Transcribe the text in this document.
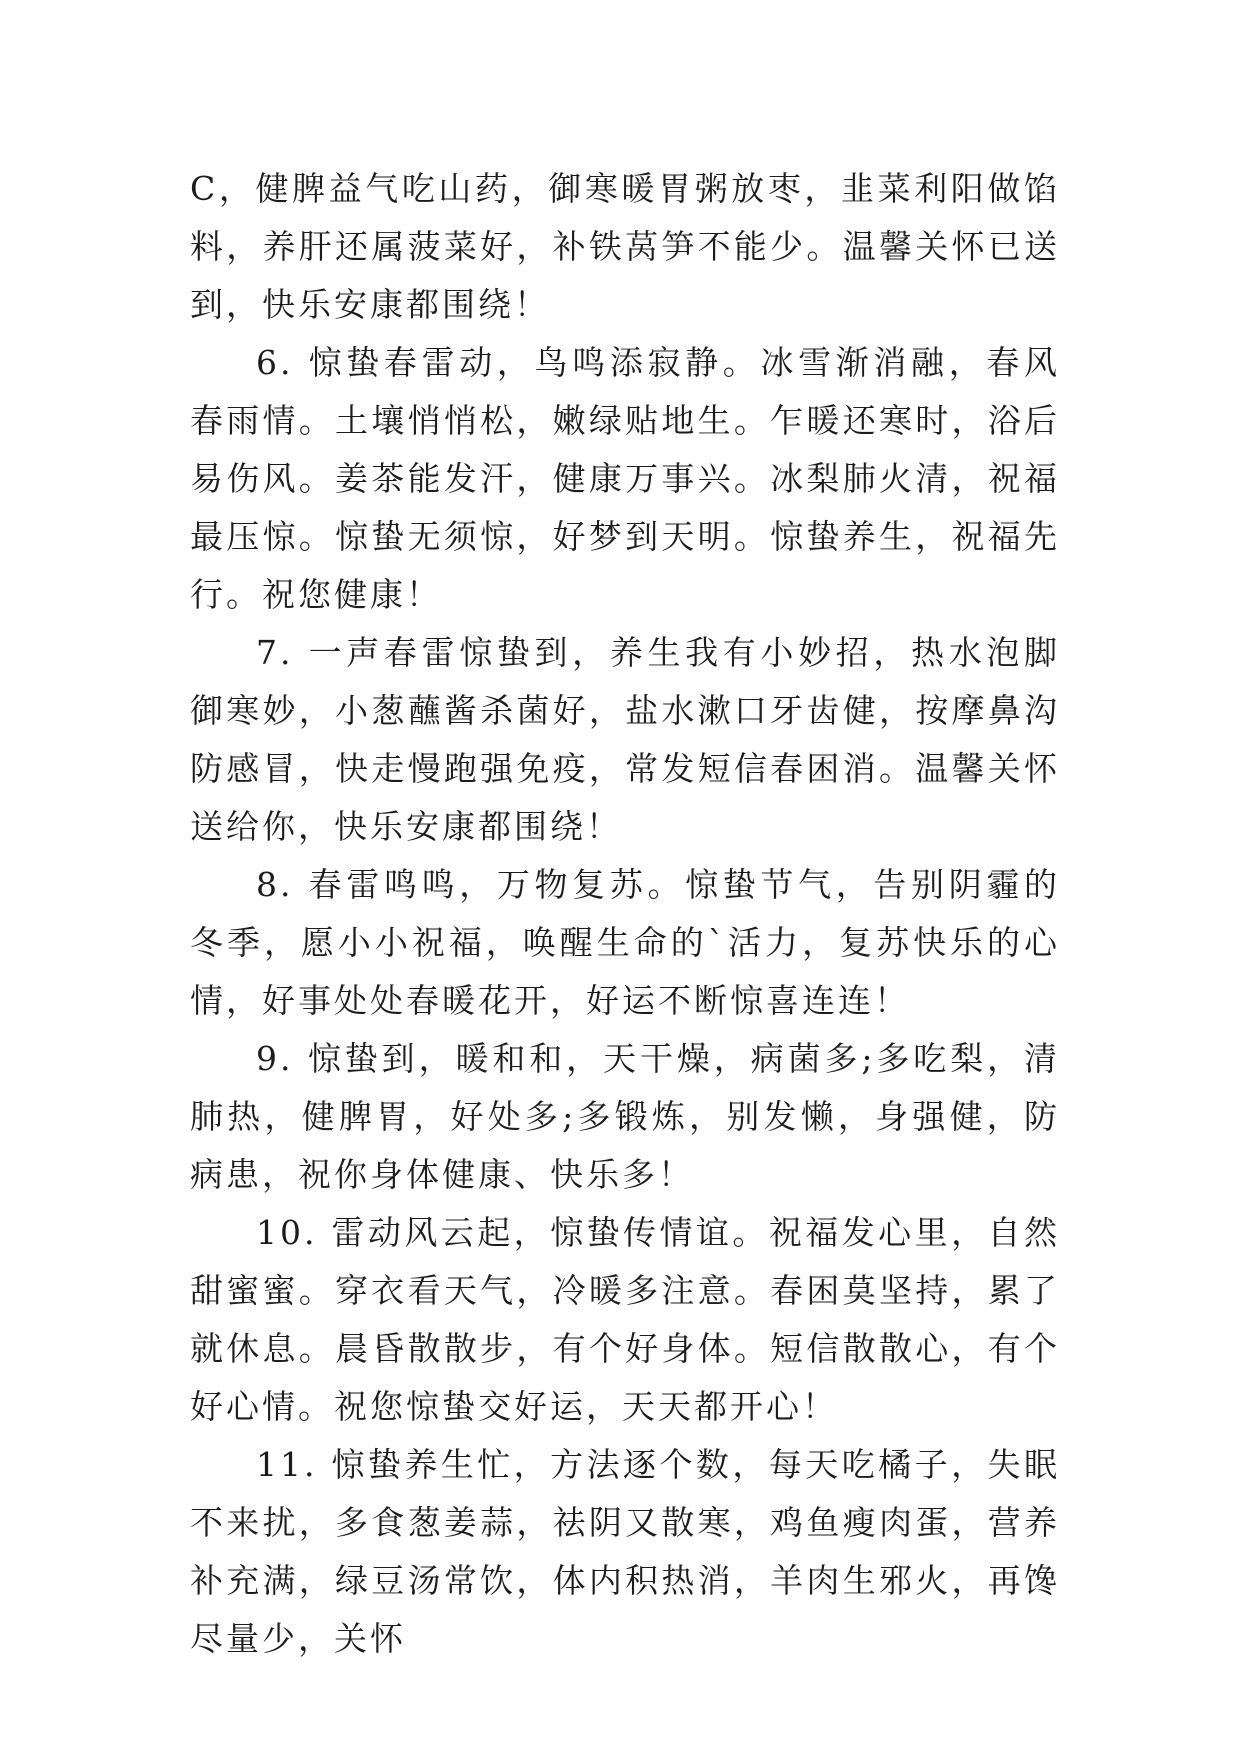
C，健脾益气吃山药，御寒暖胃粥放枣，韭菜利阳做馅料，养肝还属菠菜好，补铁莴笋不能少。温馨关怀已送到，快乐安康都围绕！

6. 惊蛰春雷动，鸟鸣添寂静。冰雪渐消融，春风春雨情。土壤悄悄松，嫩绿贴地生。乍暖还寒时，浴后易伤风。姜茶能发汗，健康万事兴。冰梨肺火清，祝福最压惊。惊蛰无须惊，好梦到天明。惊蛰养生，祝福先行。祝您健康！

7. 一声春雷惊蛰到，养生我有小妙招，热水泡脚御寒妙，小葱蘸酱杀菌好，盐水漱口牙齿健，按摩鼻沟防感冒，快走慢跑强免疫，常发短信春困消。温馨关怀送给你，快乐安康都围绕！

8. 春雷鸣鸣，万物复苏。惊蛰节气，告别阴霾的冬季，愿小小祝福，唤醒生命的`活力，复苏快乐的心情，好事处处春暖花开，好运不断惊喜连连！

9. 惊蛰到，暖和和，天干燥，病菌多;多吃梨，清肺热，健脾胃，好处多;多锻炼，别发懒，身强健，防病患，祝你身体健康、快乐多！

10. 雷动风云起，惊蛰传情谊。祝福发心里，自然甜蜜蜜。穿衣看天气，冷暖多注意。春困莫坚持，累了就休息。晨昏散散步，有个好身体。短信散散心，有个好心情。祝您惊蛰交好运，天天都开心！

11. 惊蛰养生忙，方法逐个数，每天吃橘子，失眠不来扰，多食葱姜蒜，祛阴又散寒，鸡鱼瘦肉蛋，营养补充满，绿豆汤常饮，体内积热消，羊肉生邪火，再馋尽量少，关怀
